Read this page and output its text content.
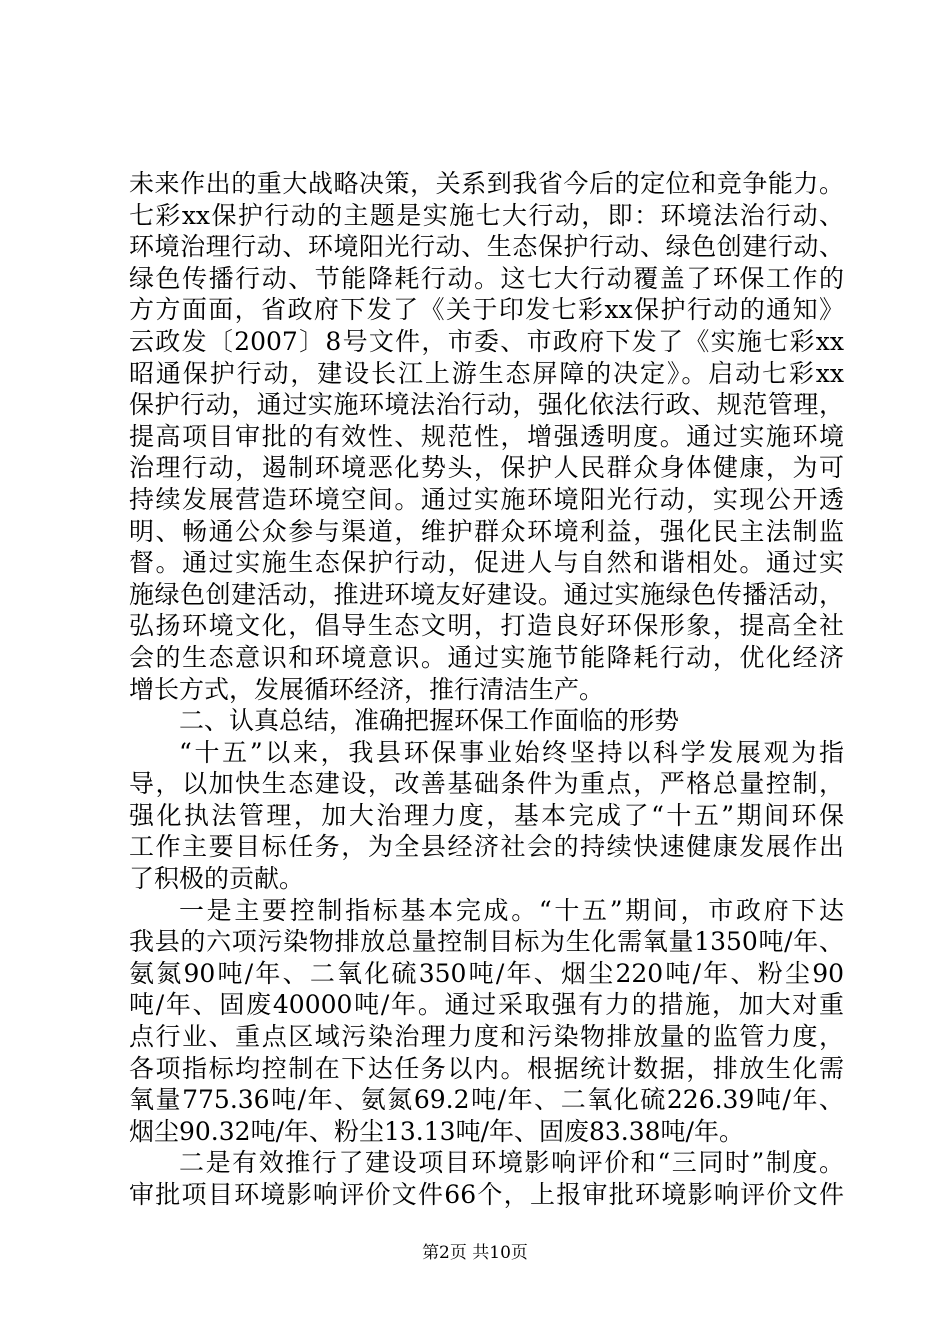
未来作出的重大战略决策，关系到我省今后的定位和竞争能力。
七彩xx保护行动的主题是实施七大行动，即：环境法治行动、
环境治理行动、环境阳光行动、生态保护行动、绿色创建行动、
绿色传播行动、节能降耗行动。这七大行动覆盖了环保工作的
方方面面，省政府下发了《关于印发七彩xx保护行动的通知》
云政发〔2007〕8号文件，市委、市政府下发了《实施七彩xx
昭通保护行动，建设长江上游生态屏障的决定》。启动七彩xx
保护行动，通过实施环境法治行动，强化依法行政、规范管理，
提高项目审批的有效性、规范性，增强透明度。通过实施环境
治理行动，遏制环境恶化势头，保护人民群众身体健康，为可
持续发展营造环境空间。通过实施环境阳光行动，实现公开透
明、畅通公众参与渠道，维护群众环境利益，强化民主法制监
督。通过实施生态保护行动，促进人与自然和谐相处。通过实
施绿色创建活动，推进环境友好建设。通过实施绿色传播活动，
弘扬环境文化，倡导生态文明，打造良好环保形象，提高全社
会的生态意识和环境意识。通过实施节能降耗行动，优化经济
增长方式，发展循环经济，推行清洁生产。
二、认真总结，准确把握环保工作面临的形势
“十五”以来，我县环保事业始终坚持以科学发展观为指
导，以加快生态建设，改善基础条件为重点，严格总量控制，
强化执法管理，加大治理力度，基本完成了“十五”期间环保
工作主要目标任务，为全县经济社会的持续快速健康发展作出
了积极的贡献。
一是主要控制指标基本完成。“十五”期间，市政府下达
我县的六项污染物排放总量控制目标为生化需氧量1350吨/年、
氨氮90吨/年、二氧化硫350吨/年、烟尘220吨/年、粉尘90
吨/年、固废40000吨/年。通过采取强有力的措施，加大对重
点行业、重点区域污染治理力度和污染物排放量的监管力度，
各项指标均控制在下达任务以内。根据统计数据，排放生化需
氧量775.36吨/年、氨氮69.2吨/年、二氧化硫226.39吨/年、
烟尘90.32吨/年、粉尘13.13吨/年、固废83.38吨/年。
二是有效推行了建设项目环境影响评价和“三同时”制度。
审批项目环境影响评价文件66个，上报审批环境影响评价文件
第2页 共10页
